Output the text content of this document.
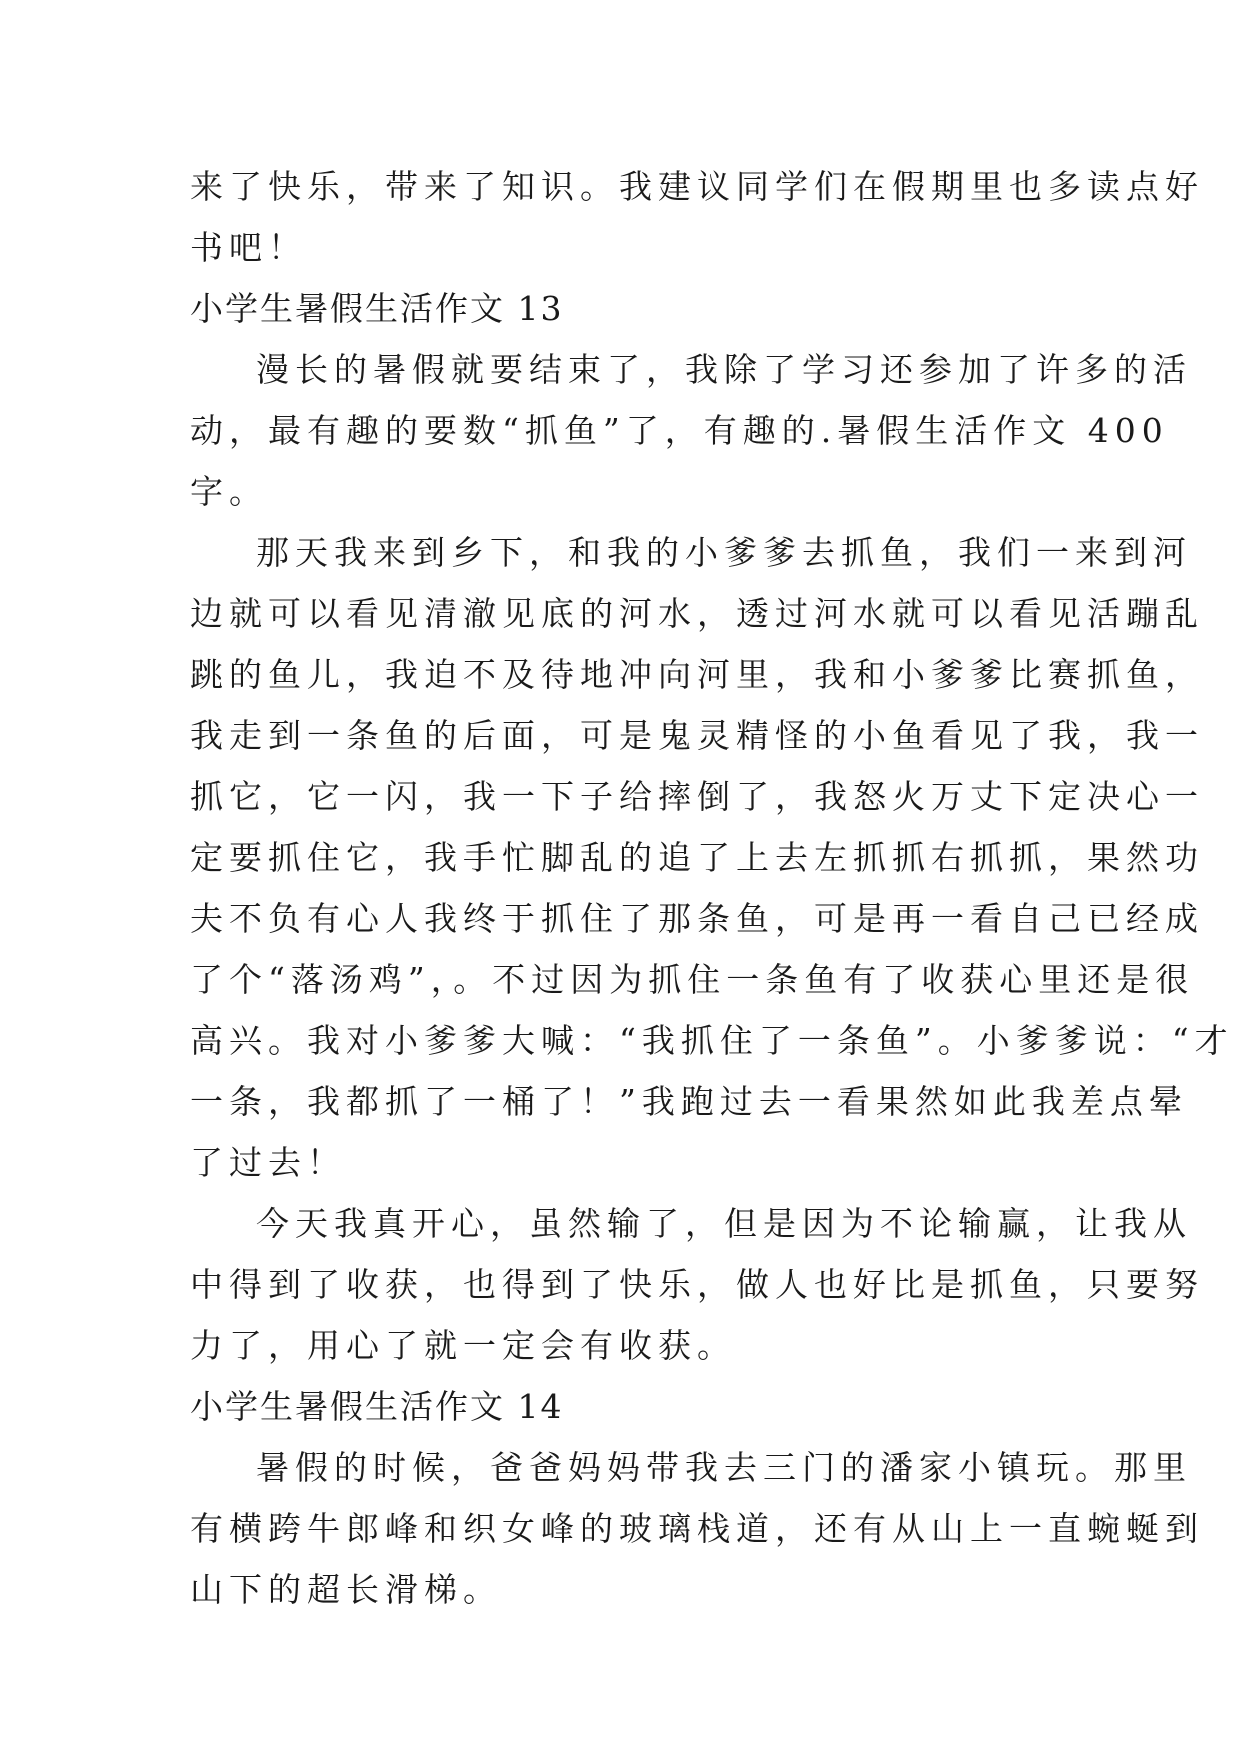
来了快乐，带来了知识。我建议同学们在假期里也多读点好
书吧！
小学生暑假生活作文 13
漫长的暑假就要结束了，我除了学习还参加了许多的活
动，最有趣的要数“抓鱼”了，有趣的.暑假生活作文 400
字。
那天我来到乡下，和我的小爹爹去抓鱼，我们一来到河
边就可以看见清澈见底的河水，透过河水就可以看见活蹦乱
跳的鱼儿，我迫不及待地冲向河里，我和小爹爹比赛抓鱼，
我走到一条鱼的后面，可是鬼灵精怪的小鱼看见了我，我一
抓它，它一闪，我一下子给摔倒了，我怒火万丈下定决心一
定要抓住它，我手忙脚乱的追了上去左抓抓右抓抓，果然功
夫不负有心人我终于抓住了那条鱼，可是再一看自己已经成
了个“落汤鸡”，。不过因为抓住一条鱼有了收获心里还是很
高兴。我对小爹爹大喊：“我抓住了一条鱼”。小爹爹说：“才
一条，我都抓了一桶了！”我跑过去一看果然如此我差点晕
了过去！
今天我真开心，虽然输了，但是因为不论输赢，让我从
中得到了收获，也得到了快乐，做人也好比是抓鱼，只要努
力了，用心了就一定会有收获。
小学生暑假生活作文 14
暑假的时候，爸爸妈妈带我去三门的潘家小镇玩。那里
有横跨牛郎峰和织女峰的玻璃栈道，还有从山上一直蜿蜒到
山下的超长滑梯。
